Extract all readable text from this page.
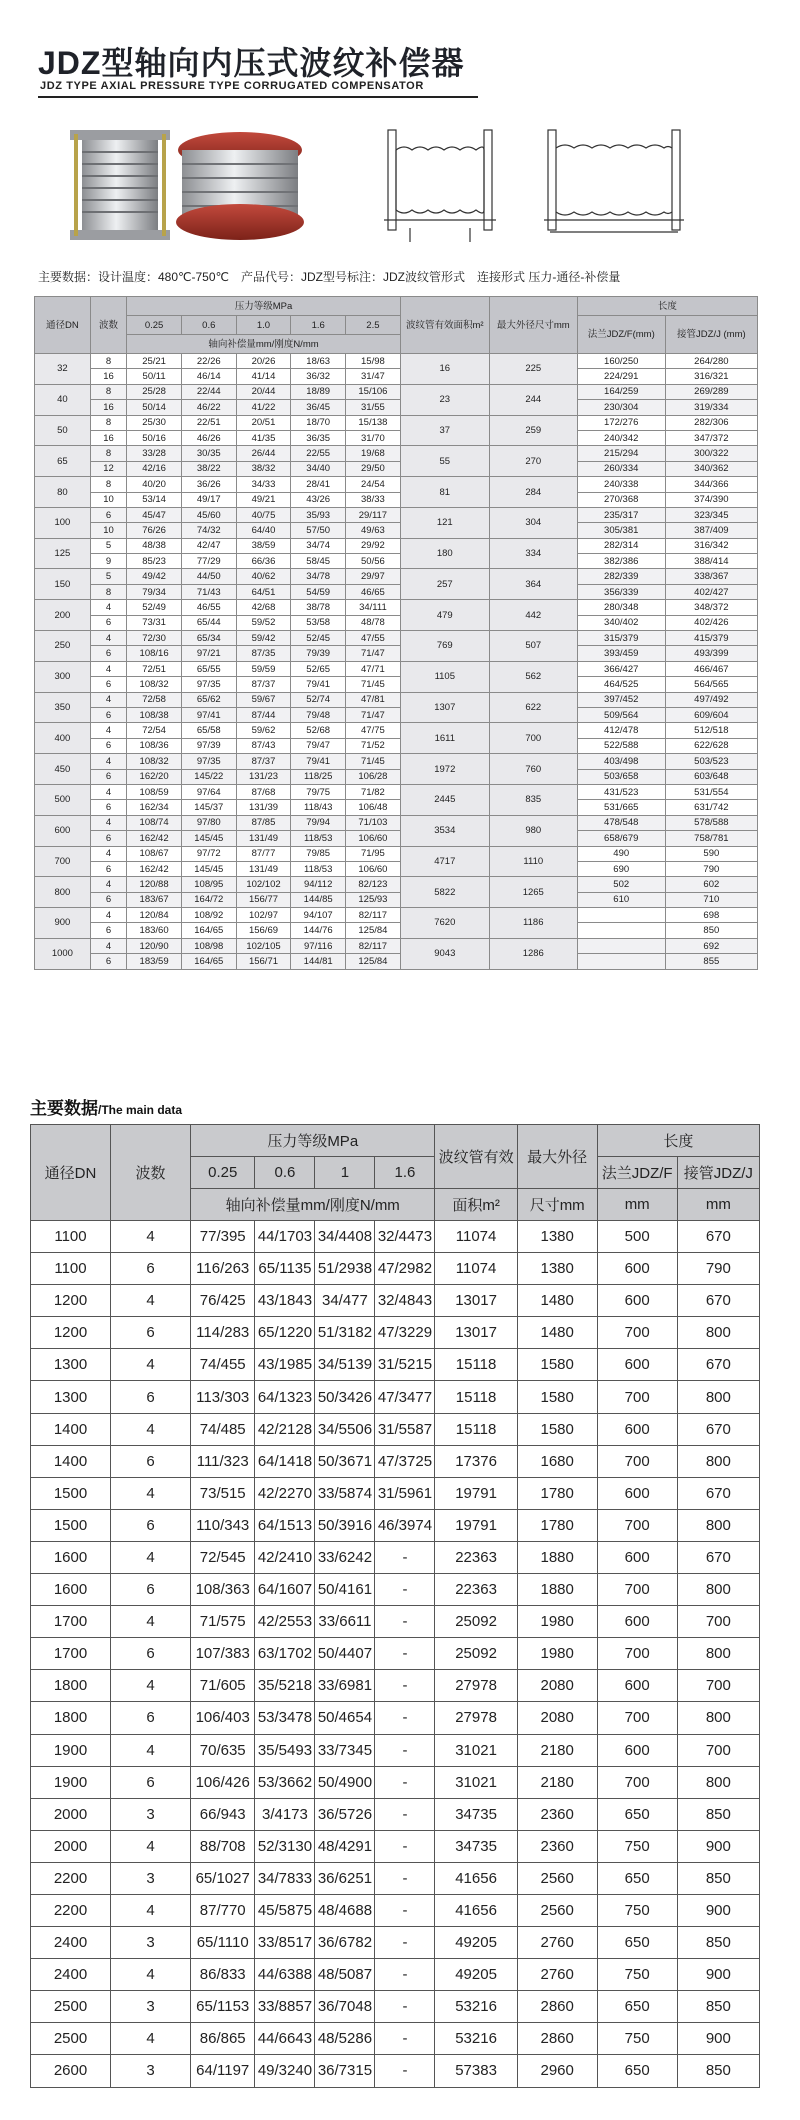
JDZ型轴向内压式波纹补偿器
JDZ TYPE AXIAL PRESSURE TYPE CORRUGATED COMPENSATOR
主要数据：设计温度：480℃-750℃　产品代号：JDZ型号标注：JDZ波纹管形式　连接形式 压力-通径-补偿量
通径DN	波数	压力等级MPa					波纹管有效面积m²	最大外径尺寸mm	长度	
		0.25	0.6	1.0	1.6	2.5			法兰JDZ/F(mm)	接管JDZ/J (mm)
		轴向补偿量mm/刚度N/mm								
32	8	25/21	22/26	20/26	18/63	15/98	16	225	160/250	264/280
	16	50/11	46/14	41/14	36/32	31/47			224/291	316/321
40	8	25/28	22/44	20/44	18/89	15/106	23	244	164/259	269/289
	16	50/14	46/22	41/22	36/45	31/55			230/304	319/334
50	8	25/30	22/51	20/51	18/70	15/138	37	259	172/276	282/306
	16	50/16	46/26	41/35	36/35	31/70			240/342	347/372
65	8	33/28	30/35	26/44	22/55	19/68	55	270	215/294	300/322
	12	42/16	38/22	38/32	34/40	29/50			260/334	340/362
80	8	40/20	36/26	34/33	28/41	24/54	81	284	240/338	344/366
	10	53/14	49/17	49/21	43/26	38/33			270/368	374/390
100	6	45/47	45/60	40/75	35/93	29/117	121	304	235/317	323/345
	10	76/26	74/32	64/40	57/50	49/63			305/381	387/409
125	5	48/38	42/47	38/59	34/74	29/92	180	334	282/314	316/342
	9	85/23	77/29	66/36	58/45	50/56			382/386	388/414
150	5	49/42	44/50	40/62	34/78	29/97	257	364	282/339	338/367
	8	79/34	71/43	64/51	54/59	46/65			356/339	402/427
200	4	52/49	46/55	42/68	38/78	34/111	479	442	280/348	348/372
	6	73/31	65/44	59/52	53/58	48/78			340/402	402/426
250	4	72/30	65/34	59/42	52/45	47/55	769	507	315/379	415/379
	6	108/16	97/21	87/35	79/39	71/47			393/459	493/399
300	4	72/51	65/55	59/59	52/65	47/71	1105	562	366/427	466/467
	6	108/32	97/35	87/37	79/41	71/45			464/525	564/565
350	4	72/58	65/62	59/67	52/74	47/81	1307	622	397/452	497/492
	6	108/38	97/41	87/44	79/48	71/47			509/564	609/604
400	4	72/54	65/58	59/62	52/68	47/75	1611	700	412/478	512/518
	6	108/36	97/39	87/43	79/47	71/52			522/588	622/628
450	4	108/32	97/35	87/37	79/41	71/45	1972	760	403/498	503/523
	6	162/20	145/22	131/23	118/25	106/28			503/658	603/648
500	4	108/59	97/64	87/68	79/75	71/82	2445	835	431/523	531/554
	6	162/34	145/37	131/39	118/43	106/48			531/665	631/742
600	4	108/74	97/80	87/85	79/94	71/103	3534	980	478/548	578/588
	6	162/42	145/45	131/49	118/53	106/60			658/679	758/781
700	4	108/67	97/72	87/77	79/85	71/95	4717	1110	490	590
	6	162/42	145/45	131/49	118/53	106/60			690	790
800	4	120/88	108/95	102/102	94/112	82/123	5822	1265	502	602
	6	183/67	164/72	156/77	144/85	125/93			610	710
900	4	120/84	108/92	102/97	94/107	82/117	7620	1186		698
	6	183/60	164/65	156/69	144/76	125/84				850
1000	4	120/90	108/98	102/105	97/116	82/117	9043	1286		692
	6	183/59	164/65	156/71	144/81	125/84				855
主要数据/The main data
通径DN	波数	压力等级MPa				波纹管有效	最大外径	长度	
		0.25	0.6	1	1.6			法兰JDZ/F	接管JDZ/J
		轴向补偿量mm/刚度N/mm				面积m²	尺寸mm	mm	mm
1100	4	77/395	44/1703	34/4408	32/4473	11074	1380	500	670
1100	6	116/263	65/1135	51/2938	47/2982	11074	1380	600	790
1200	4	76/425	43/1843	34/477	32/4843	13017	1480	600	670
1200	6	114/283	65/1220	51/3182	47/3229	13017	1480	700	800
1300	4	74/455	43/1985	34/5139	31/5215	15118	1580	600	670
1300	6	113/303	64/1323	50/3426	47/3477	15118	1580	700	800
1400	4	74/485	42/2128	34/5506	31/5587	15118	1580	600	670
1400	6	111/323	64/1418	50/3671	47/3725	17376	1680	700	800
1500	4	73/515	42/2270	33/5874	31/5961	19791	1780	600	670
1500	6	110/343	64/1513	50/3916	46/3974	19791	1780	700	800
1600	4	72/545	42/2410	33/6242	-	22363	1880	600	670
1600	6	108/363	64/1607	50/4161	-	22363	1880	700	800
1700	4	71/575	42/2553	33/6611	-	25092	1980	600	700
1700	6	107/383	63/1702	50/4407	-	25092	1980	700	800
1800	4	71/605	35/5218	33/6981	-	27978	2080	600	700
1800	6	106/403	53/3478	50/4654	-	27978	2080	700	800
1900	4	70/635	35/5493	33/7345	-	31021	2180	600	700
1900	6	106/426	53/3662	50/4900	-	31021	2180	700	800
2000	3	66/943	3/4173	36/5726	-	34735	2360	650	850
2000	4	88/708	52/3130	48/4291	-	34735	2360	750	900
2200	3	65/1027	34/7833	36/6251	-	41656	2560	650	850
2200	4	87/770	45/5875	48/4688	-	41656	2560	750	900
2400	3	65/1110	33/8517	36/6782	-	49205	2760	650	850
2400	4	86/833	44/6388	48/5087	-	49205	2760	750	900
2500	3	65/1153	33/8857	36/7048	-	53216	2860	650	850
2500	4	86/865	44/6643	48/5286	-	53216	2860	750	900
2600	3	64/1197	49/3240	36/7315	-	57383	2960	650	850
